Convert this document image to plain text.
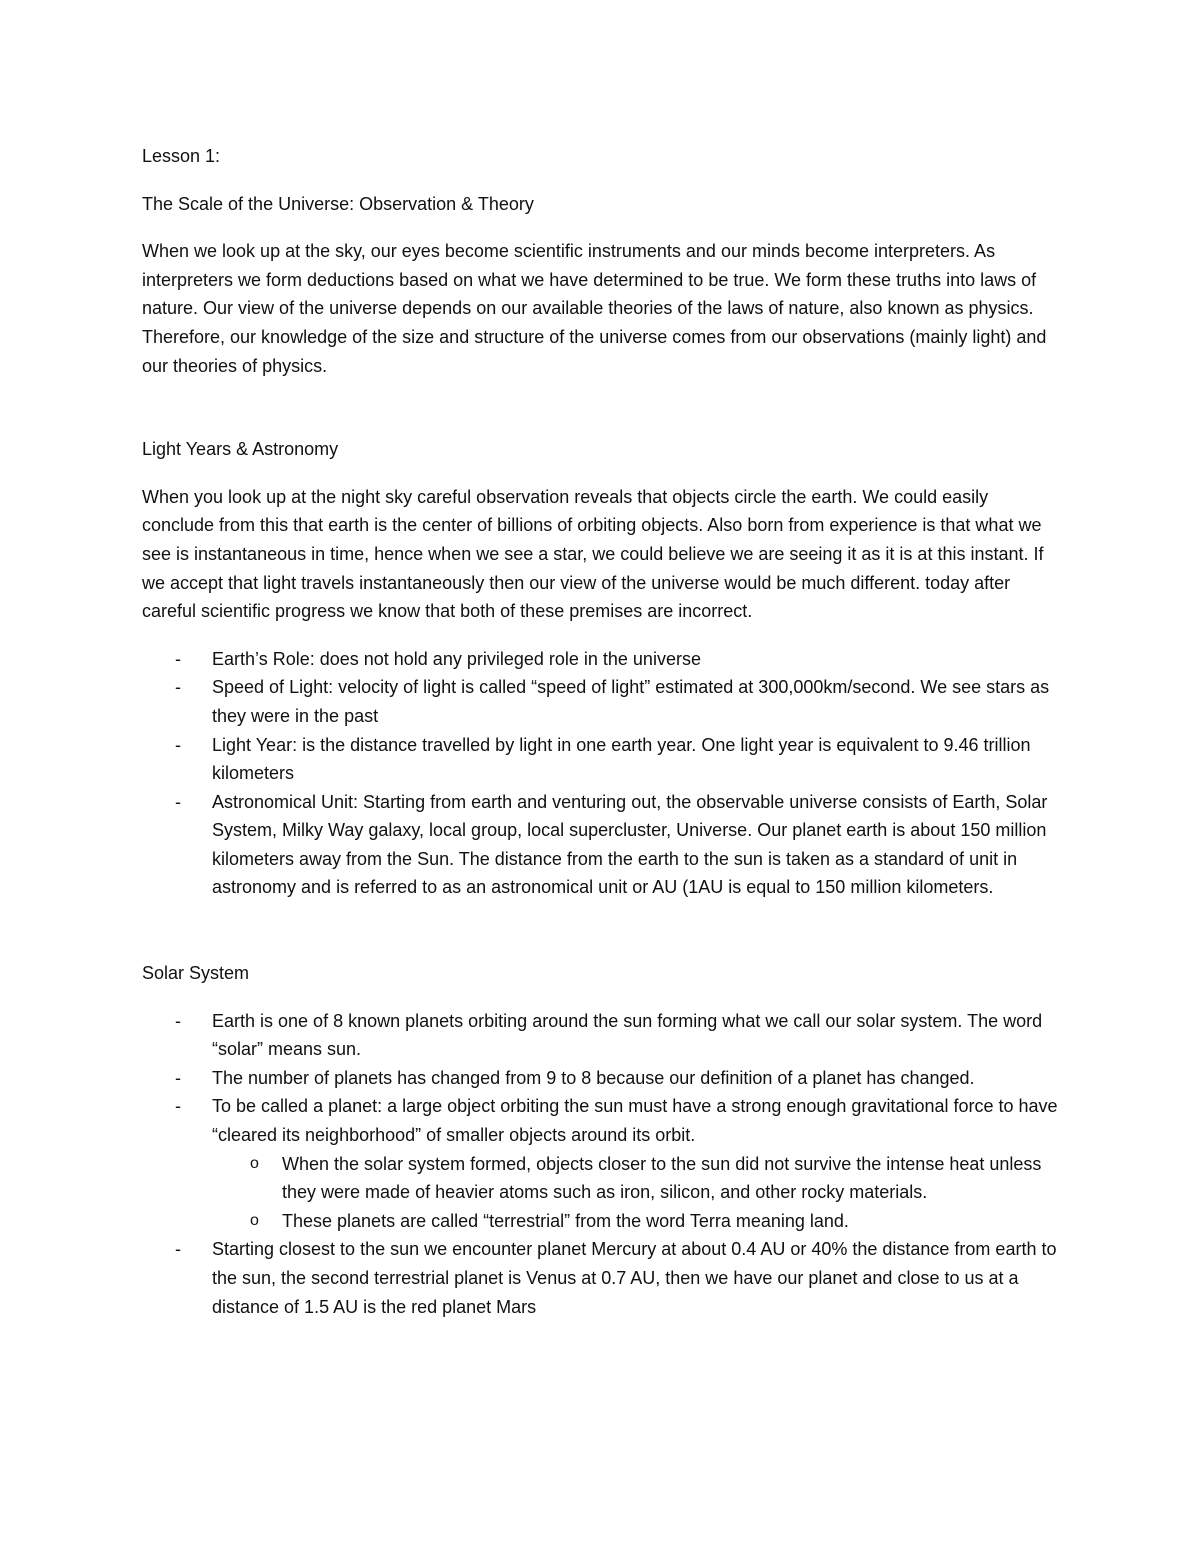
Lesson 1:

The Scale of the Universe: Observation & Theory

When we look up at the sky, our eyes become scientific instruments and our minds become interpreters. As interpreters we form deductions based on what we have determined to be true. We form these truths into laws of nature. Our view of the universe depends on our available theories of the laws of nature, also known as physics. Therefore, our knowledge of the size and structure of the universe comes from our observations (mainly light) and our theories of physics.

Light Years & Astronomy

When you look up at the night sky careful observation reveals that objects circle the earth. We could easily conclude from this that earth is the center of billions of orbiting objects. Also born from experience is that what we see is instantaneous in time, hence when we see a star, we could believe we are seeing it as it is at this instant. If we accept that light travels instantaneously then our view of the universe would be much different. today after careful scientific progress we know that both of these premises are incorrect.

- Earth’s Role: does not hold any privileged role in the universe
- Speed of Light: velocity of light is called “speed of light” estimated at 300,000km/second. We see stars as they were in the past
- Light Year: is the distance travelled by light in one earth year. One light year is equivalent to 9.46 trillion kilometers
- Astronomical Unit: Starting from earth and venturing out, the observable universe consists of Earth, Solar System, Milky Way galaxy, local group, local supercluster, Universe. Our planet earth is about 150 million kilometers away from the Sun. The distance from the earth to the sun is taken as a standard of unit in astronomy and is referred to as an astronomical unit or AU (1AU is equal to 150 million kilometers.

Solar System

- Earth is one of 8 known planets orbiting around the sun forming what we call our solar system. The word “solar” means sun.
- The number of planets has changed from 9 to 8 because our definition of a planet has changed.
- To be called a planet: a large object orbiting the sun must have a strong enough gravitational force to have “cleared its neighborhood” of smaller objects around its orbit.
o When the solar system formed, objects closer to the sun did not survive the intense heat unless they were made of heavier atoms such as iron, silicon, and other rocky materials.
o These planets are called “terrestrial” from the word Terra meaning land.
- Starting closest to the sun we encounter planet Mercury at about 0.4 AU or 40% the distance from earth to the sun, the second terrestrial planet is Venus at 0.7 AU, then we have our planet and close to us at a distance of 1.5 AU is the red planet Mars
